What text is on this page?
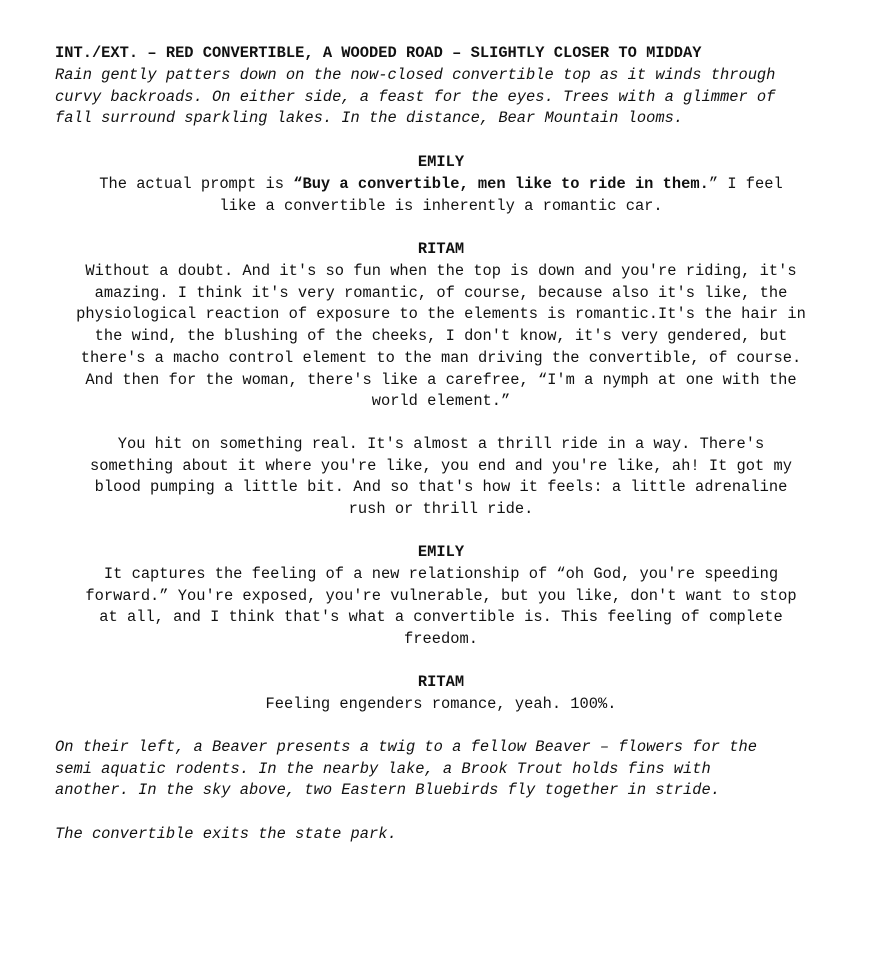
INT./EXT. – RED CONVERTIBLE, A WOODED ROAD – SLIGHTLY CLOSER TO MIDDAY
Rain gently patters down on the now-closed convertible top as it winds through
curvy backroads. On either side, a feast for the eyes. Trees with a glimmer of
fall surround sparkling lakes. In the distance, Bear Mountain looms.
EMILY
The actual prompt is “Buy a convertible, men like to ride in them.” I feel
like a convertible is inherently a romantic car.
RITAM
Without a doubt. And it's so fun when the top is down and you're riding, it's
amazing. I think it's very romantic, of course, because also it's like, the
physiological reaction of exposure to the elements is romantic.It's the hair in
the wind, the blushing of the cheeks, I don't know, it's very gendered, but
there's a macho control element to the man driving the convertible, of course.
And then for the woman, there's like a carefree, “I'm a nymph at one with the
world element.”
You hit on something real. It's almost a thrill ride in a way. There's
something about it where you're like, you end and you're like, ah! It got my
blood pumping a little bit. And so that's how it feels: a little adrenaline
rush or thrill ride.
EMILY
It captures the feeling of a new relationship of “oh God, you're speeding
forward.” You're exposed, you're vulnerable, but you like, don't want to stop
at all, and I think that's what a convertible is. This feeling of complete
freedom.
RITAM
Feeling engenders romance, yeah. 100%.
On their left, a Beaver presents a twig to a fellow Beaver – flowers for the
semi aquatic rodents. In the nearby lake, a Brook Trout holds fins with
another. In the sky above, two Eastern Bluebirds fly together in stride.
The convertible exits the state park.
